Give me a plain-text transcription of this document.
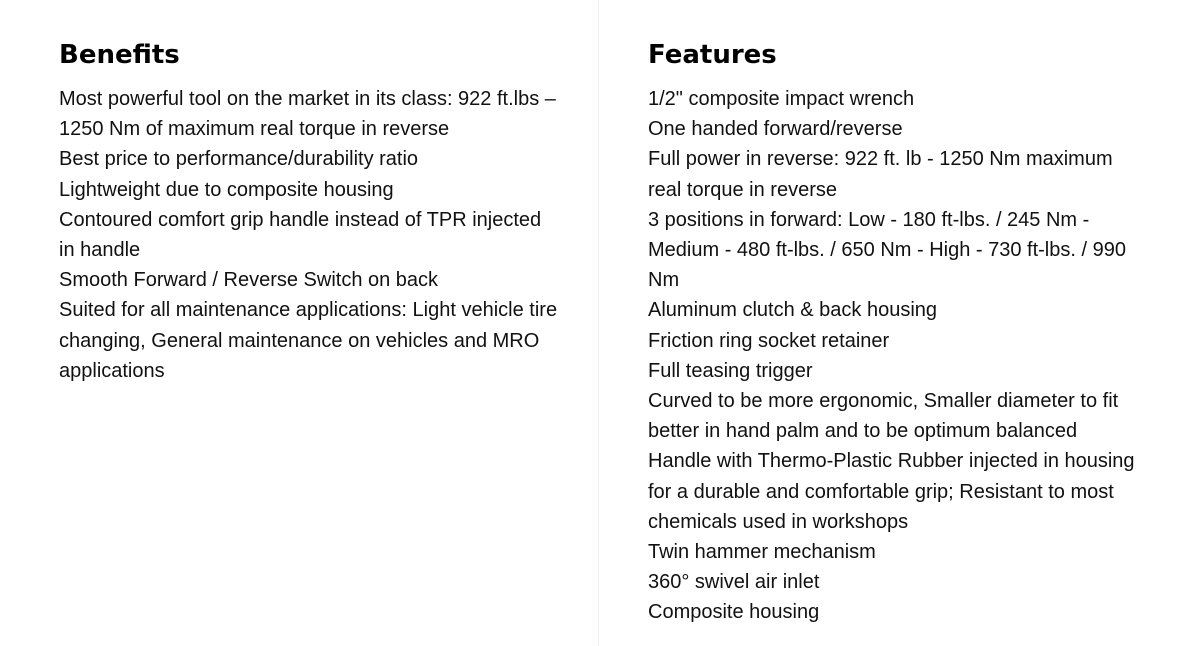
Benefits
Most powerful tool on the market in its class: 922 ft.lbs – 1250 Nm of maximum real torque in reverse
Best price to performance/durability ratio
Lightweight due to composite housing
Contoured comfort grip handle instead of TPR injected in handle
Smooth Forward / Reverse Switch on back
Suited for all maintenance applications: Light vehicle tire changing, General maintenance on vehicles and MRO applications
Features
1/2" composite impact wrench
One handed forward/reverse
Full power in reverse: 922 ft. lb - 1250 Nm maximum real torque in reverse
3 positions in forward: Low - 180 ft-lbs. / 245 Nm - Medium - 480 ft-lbs. / 650 Nm - High - 730 ft-lbs. / 990 Nm
Aluminum clutch & back housing
Friction ring socket retainer
Full teasing trigger
Curved to be more ergonomic, Smaller diameter to fit better in hand palm and to be optimum balanced
Handle with Thermo-Plastic Rubber injected in housing for a durable and comfortable grip; Resistant to most chemicals used in workshops
Twin hammer mechanism
360° swivel air inlet
Composite housing
